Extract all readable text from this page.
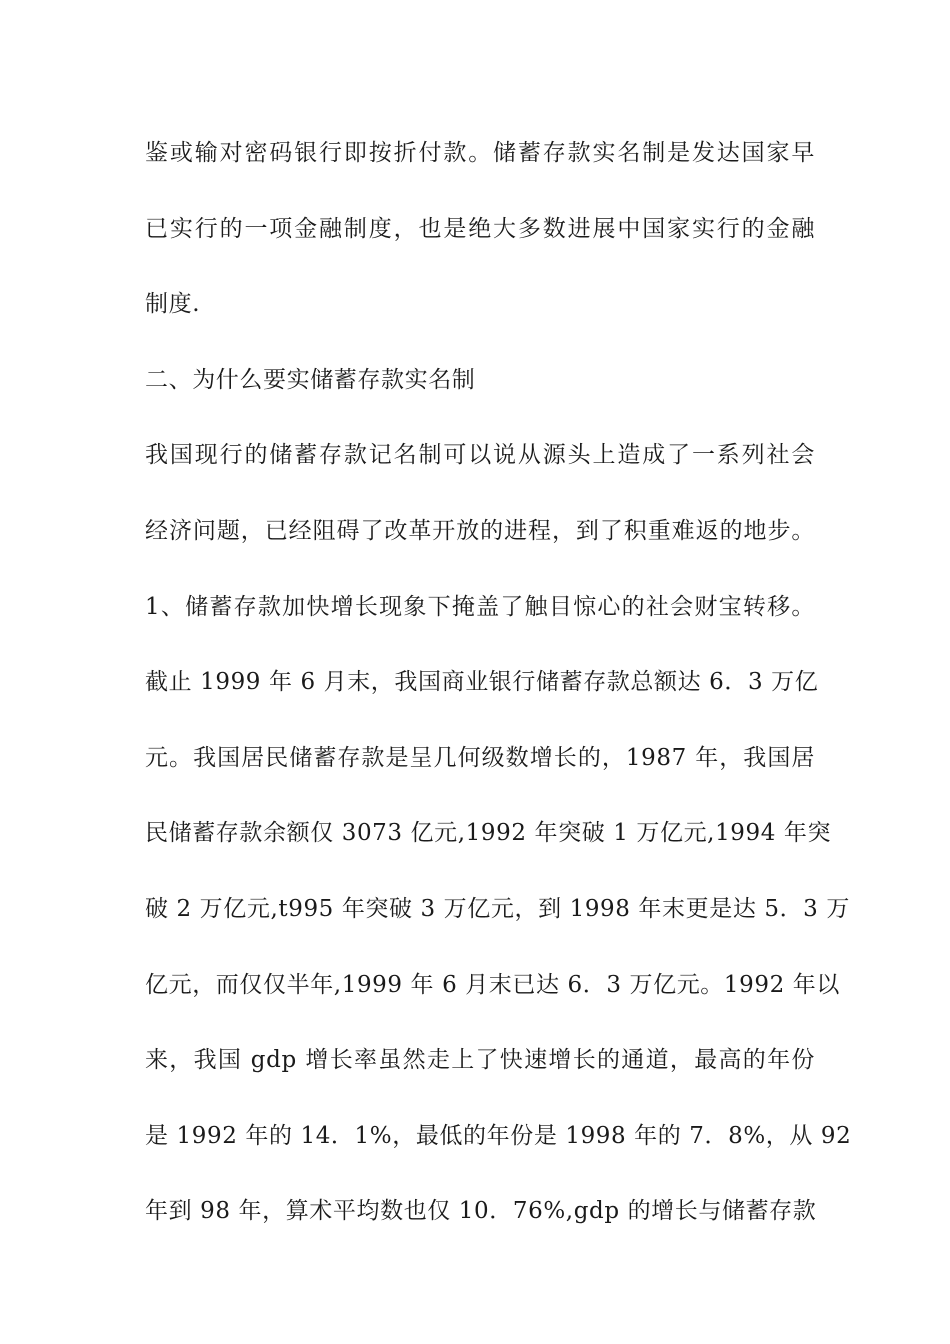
鉴或输对密码银行即按折付款。储蓄存款实名制是发达国家早
已实行的一项金融制度，也是绝大多数进展中国家实行的金融
制度.
二、为什么要实储蓄存款实名制
我国现行的储蓄存款记名制可以说从源头上造成了一系列社会
经济问题，已经阻碍了改革开放的进程，到了积重难返的地步。
1、储蓄存款加快增长现象下掩盖了触目惊心的社会财宝转移。
截止 1999 年 6 月末，我国商业银行储蓄存款总额达 6．3 万亿
元。我国居民储蓄存款是呈几何级数增长的，1987 年，我国居
民储蓄存款余额仅 3073 亿元,1992 年突破 1 万亿元,1994 年突
破 2 万亿元,t995 年突破 3 万亿元，到 1998 年末更是达 5．3 万
亿元，而仅仅半年,1999 年 6 月末已达 6．3 万亿元。1992 年以
来，我国 gdp 增长率虽然走上了快速增长的通道，最高的年份
是 1992 年的 14．1%，最低的年份是 1998 年的 7．8%，从 92
年到 98 年，算术平均数也仅 10．76%,gdp 的增长与储蓄存款
